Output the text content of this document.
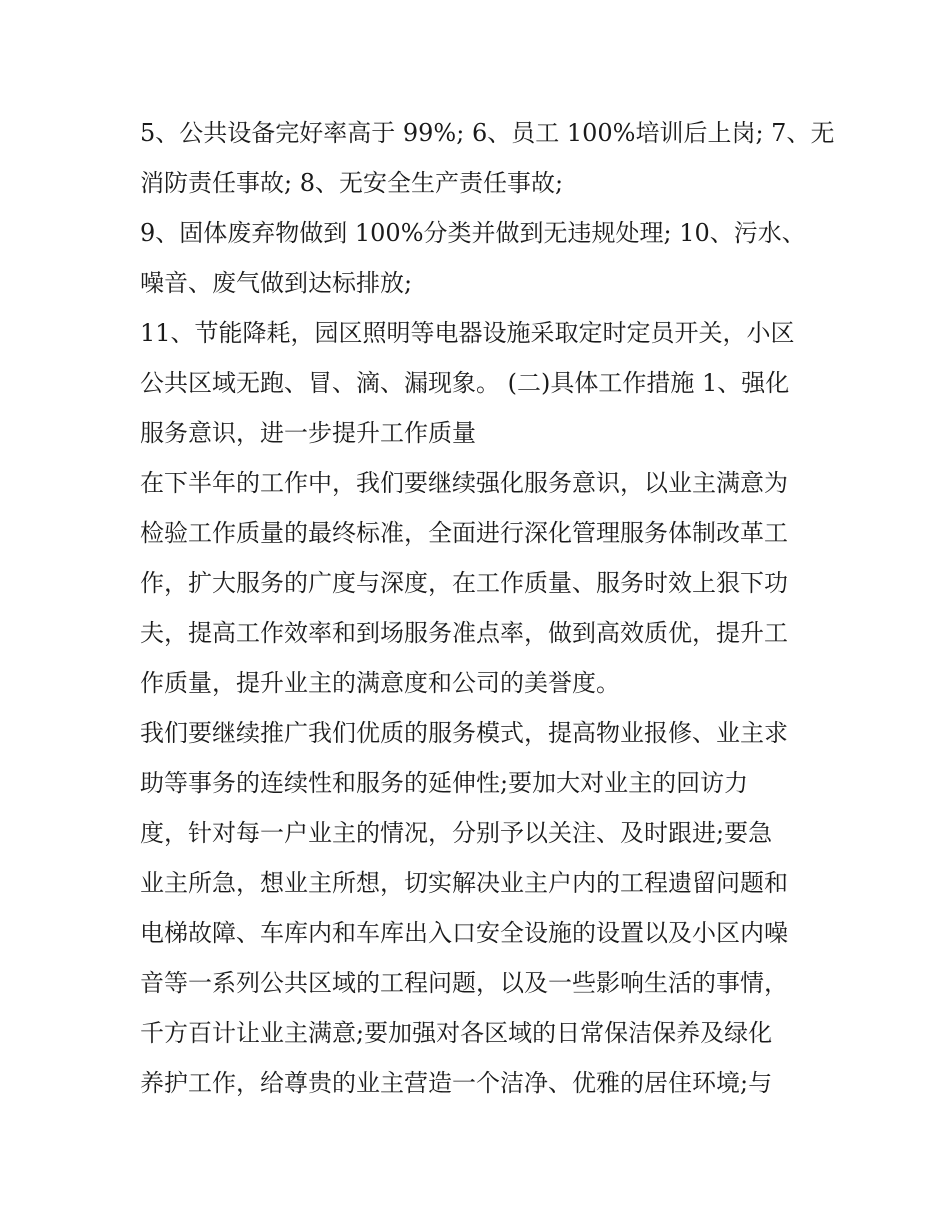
5、公共设备完好率高于 99%; 6、员工 100%培训后上岗; 7、无
消防责任事故; 8、无安全生产责任事故;
9、固体废弃物做到 100%分类并做到无违规处理; 10、污水、
噪音、废气做到达标排放;
11、节能降耗，园区照明等电器设施采取定时定员开关，小区
公共区域无跑、冒、滴、漏现象。 (二)具体工作措施 1、强化
服务意识，进一步提升工作质量
在下半年的工作中，我们要继续强化服务意识，以业主满意为
检验工作质量的最终标准，全面进行深化管理服务体制改革工
作，扩大服务的广度与深度，在工作质量、服务时效上狠下功
夫，提高工作效率和到场服务准点率，做到高效质优，提升工
作质量，提升业主的满意度和公司的美誉度。
我们要继续推广我们优质的服务模式，提高物业报修、业主求
助等事务的连续性和服务的延伸性;要加大对业主的回访力
度，针对每一户业主的情况，分别予以关注、及时跟进;要急
业主所急，想业主所想，切实解决业主户内的工程遗留问题和
电梯故障、车库内和车库出入口安全设施的设置以及小区内噪
音等一系列公共区域的工程问题，以及一些影响生活的事情，
千方百计让业主满意;要加强对各区域的日常保洁保养及绿化
养护工作，给尊贵的业主营造一个洁净、优雅的居住环境;与
